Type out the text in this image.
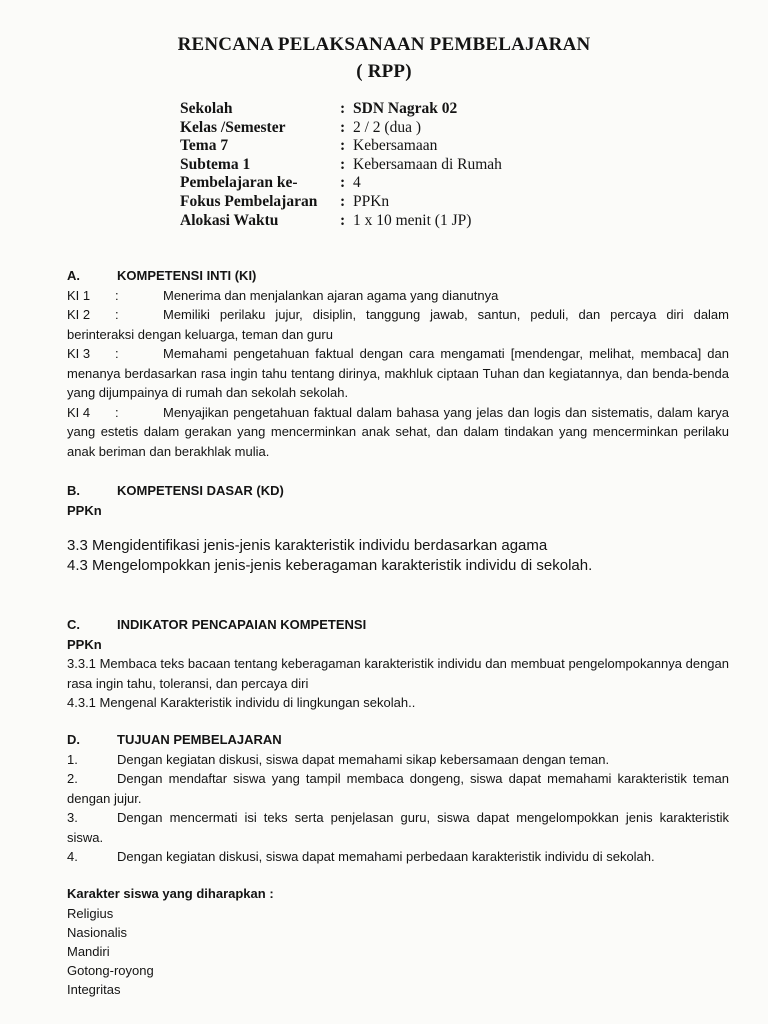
RENCANA PELAKSANAAN PEMBELAJARAN
( RPP)
Sekolah	: SDN Nagrak 02
Kelas /Semester	: 2 / 2 (dua )
Tema 7	: Kebersamaan
Subtema 1	: Kebersamaan di Rumah
Pembelajaran ke-	: 4
Fokus Pembelajaran	: PPKn
Alokasi Waktu	: 1 x 10 menit (1 JP)
A.	KOMPETENSI INTI (KI)
KI 1 :	Menerima dan menjalankan ajaran agama yang dianutnya
KI 2 :	Memiliki perilaku jujur, disiplin, tanggung jawab, santun, peduli, dan percaya diri dalam berinteraksi dengan keluarga, teman dan guru
KI 3 :	Memahami pengetahuan faktual dengan cara mengamati [mendengar, melihat, membaca] dan menanya berdasarkan rasa ingin tahu tentang dirinya, makhluk ciptaan Tuhan dan kegiatannya, dan benda-benda yang dijumpainya di rumah dan sekolah sekolah.
KI 4 :	Menyajikan pengetahuan faktual dalam bahasa yang jelas dan logis dan sistematis, dalam karya yang estetis dalam gerakan yang mencerminkan anak sehat, dan dalam tindakan yang mencerminkan perilaku anak beriman dan berakhlak mulia.
B.	KOMPETENSI DASAR (KD)
PPKn
3.3 Mengidentifikasi jenis-jenis karakteristik individu berdasarkan agama
4.3 Mengelompokkan jenis-jenis keberagaman karakteristik individu di sekolah.
C.	INDIKATOR PENCAPAIAN KOMPETENSI
PPKn
3.3.1 Membaca teks bacaan tentang keberagaman karakteristik individu dan membuat pengelompokannya dengan rasa ingin tahu, toleransi, dan percaya diri
4.3.1 Mengenal Karakteristik individu di lingkungan sekolah..
D.	TUJUAN PEMBELAJARAN
1.	Dengan kegiatan diskusi, siswa dapat memahami sikap kebersamaan dengan teman.
2.	Dengan mendaftar siswa yang tampil membaca dongeng, siswa dapat memahami karakteristik teman dengan jujur.
3.	Dengan mencermati isi teks serta penjelasan guru, siswa dapat mengelompokkan jenis karakteristik siswa.
4.	Dengan kegiatan diskusi, siswa dapat memahami perbedaan karakteristik individu di sekolah.
Karakter siswa yang diharapkan :
Religius
Nasionalis
Mandiri
Gotong-royong
Integritas
